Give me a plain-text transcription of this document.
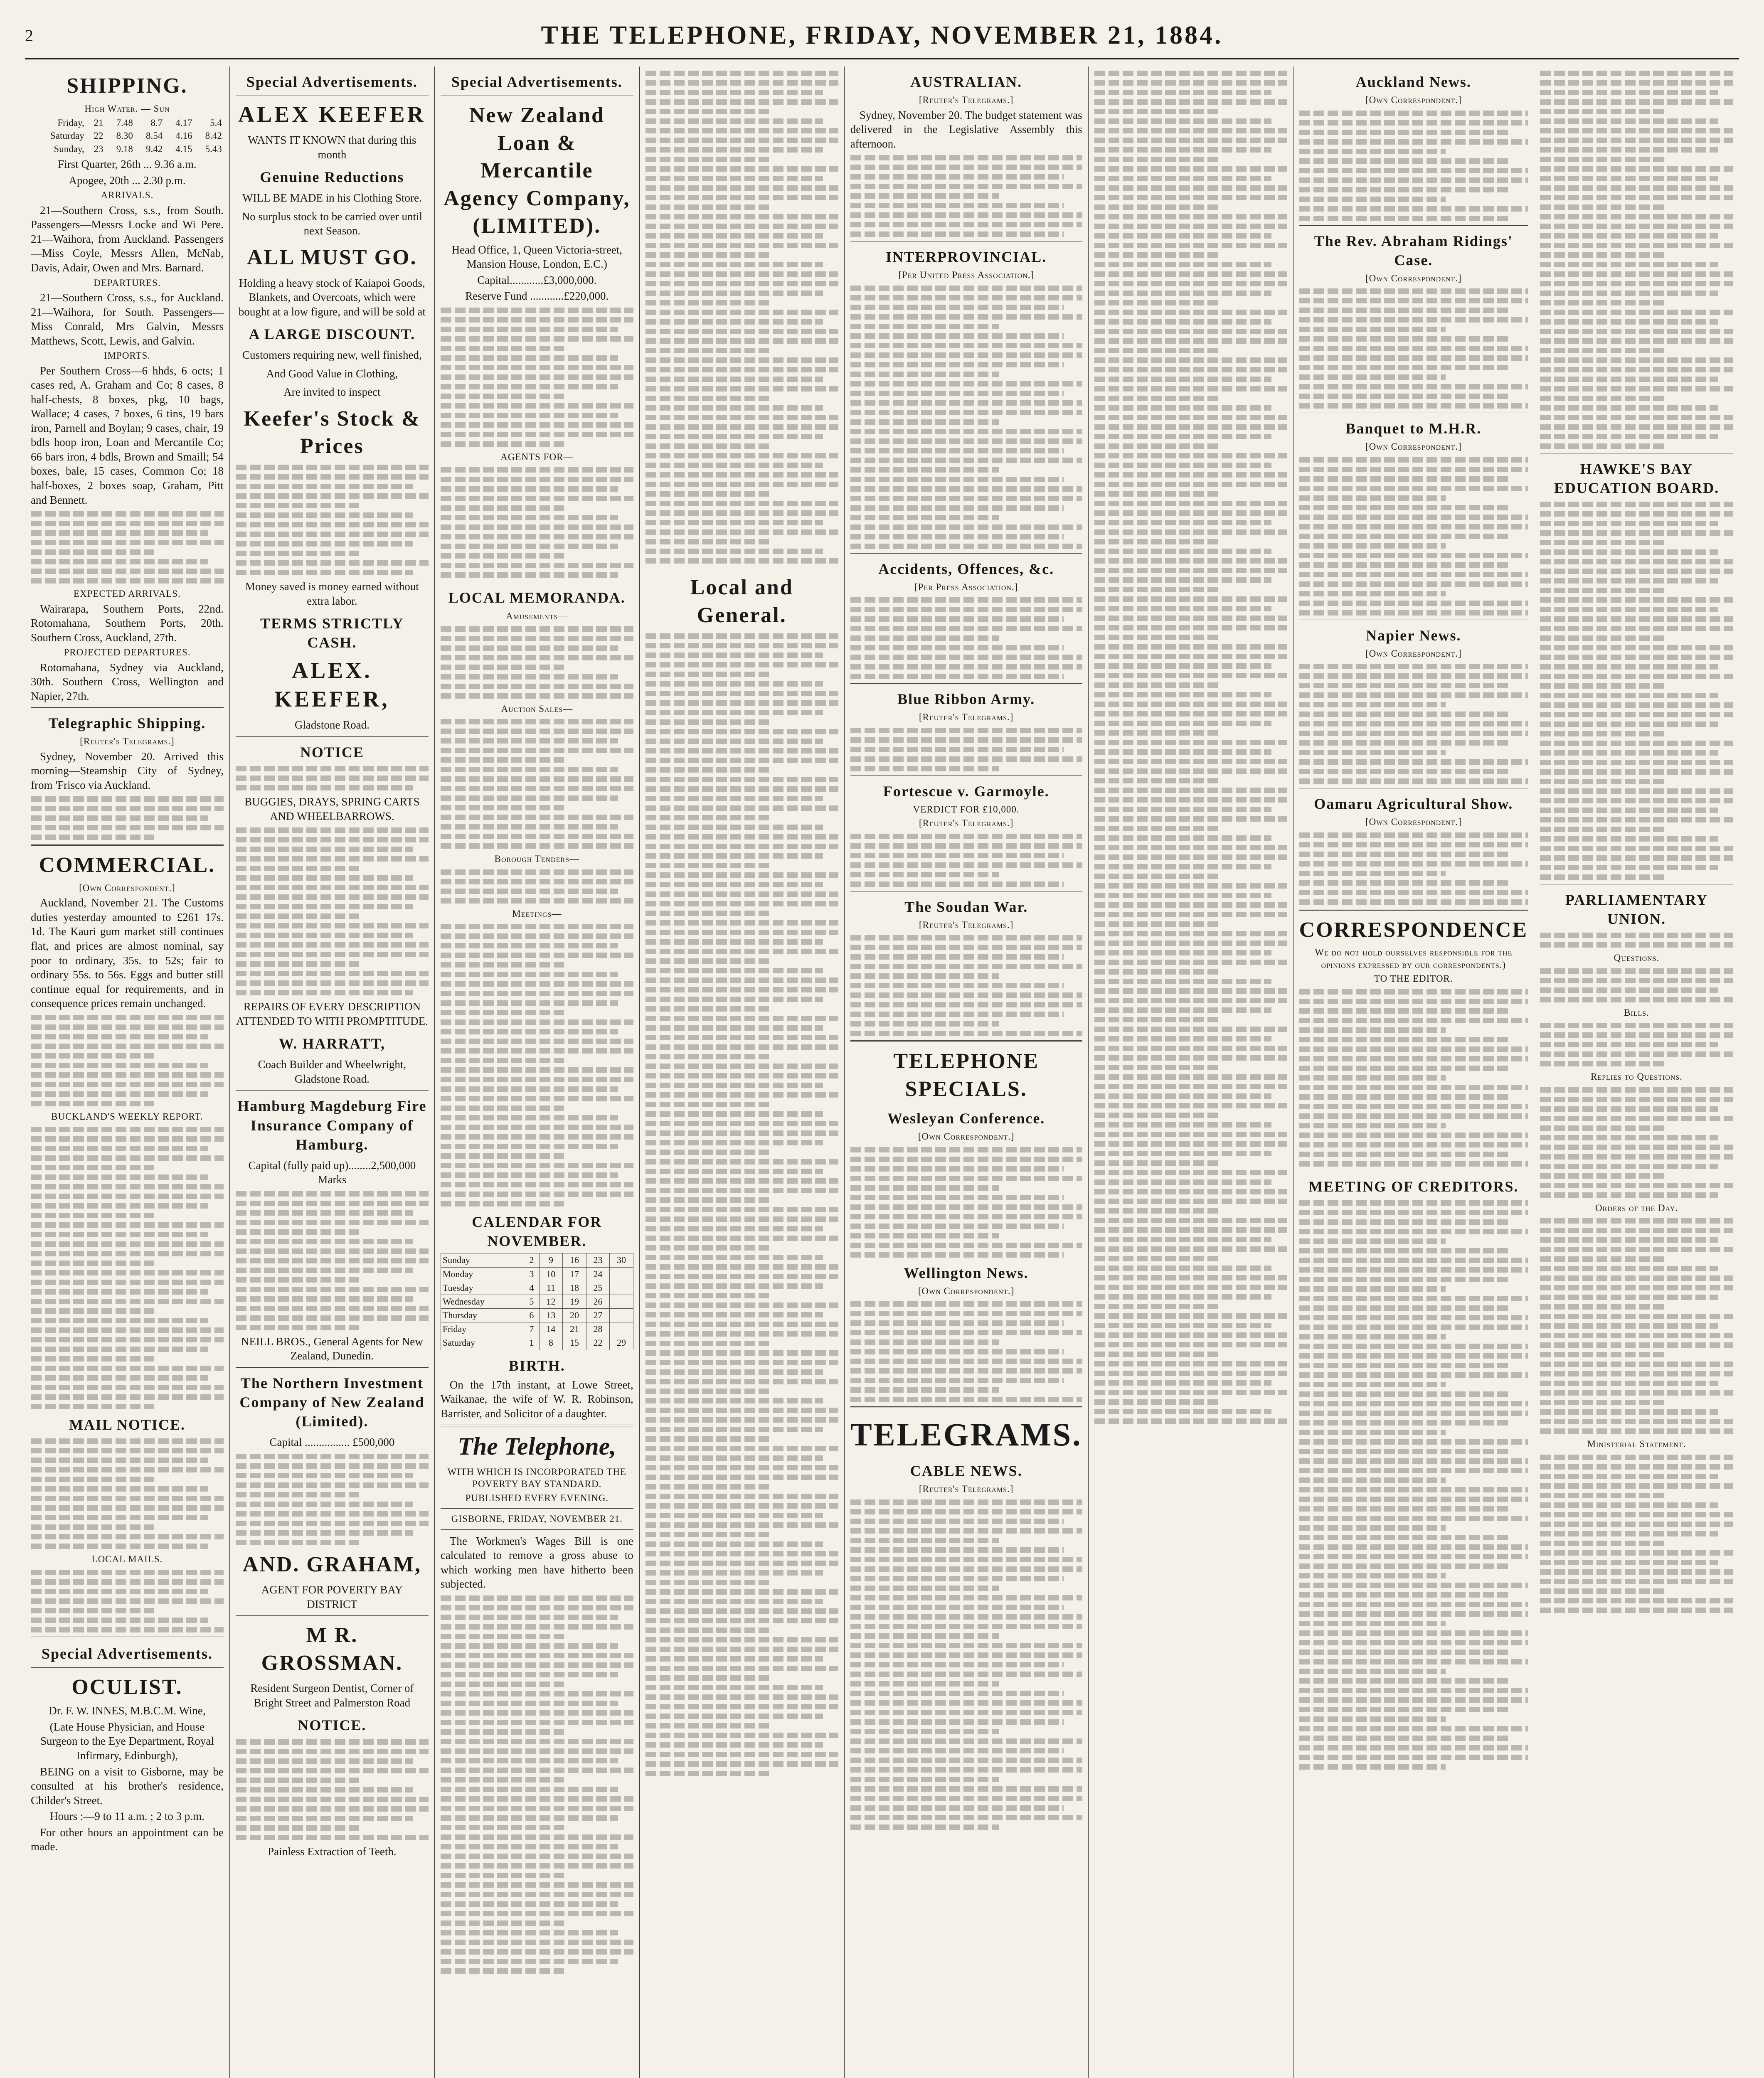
2	THE TELEPHONE, FRIDAY, NOVEMBER 21, 1884.
SHIPPING.
High Water. — Sun
Friday,	21	7.48	8.7	4.17	5.4
Saturday	22	8.30	8.54	4.16	8.42
Sunday,	23	9.18	9.42	4.15	5.43

First Quarter, 26th ... 9.36 a.m.

Apogee, 20th ... 2.30 p.m.

ARRIVALS.

21—Southern Cross, s.s., from South. Passengers—Messrs Locke and Wi Pere. 21—Waihora, from Auckland. Passengers—Miss Coyle, Messrs Allen, McNab, Davis, Adair, Owen and Mrs. Barnard.

DEPARTURES.

21—Southern Cross, s.s., for Auckland. 21—Waihora, for South. Passengers—Miss Conrald, Mrs Galvin, Messrs Matthews, Scott, Lewis, and Galvin.

IMPORTS.

Per Southern Cross—6 hhds, 6 octs; 1 cases red, A. Graham and Co; 8 cases, 8 half-chests, 8 boxes, pkg, 10 bags, Wallace; 4 cases, 7 boxes, 6 tins, 19 bars iron, Parnell and Boylan; 9 cases, chair, 19 bdls hoop iron, Loan and Mercantile Co; 66 bars iron, 4 bdls, Brown and Smaill; 54 boxes, bale, 15 cases, Common Co; 18 half-boxes, 2 boxes soap, Graham, Pitt and Bennett.

EXPECTED ARRIVALS.

Wairarapa, Southern Ports, 22nd. Rotomahana, Southern Ports, 20th. Southern Cross, Auckland, 27th.

PROJECTED DEPARTURES.

Rotomahana, Sydney via Auckland, 30th. Southern Cross, Wellington and Napier, 27th.

Telegraphic Shipping.
[Reuter's Telegrams.]

Sydney, November 20. Arrived this morning—Steamship City of Sydney, from 'Frisco via Auckland.

COMMERCIAL.
[Own Correspondent.]

Auckland, November 21. The Customs duties yesterday amounted to £261 17s. 1d. The Kauri gum market still continues flat, and prices are almost nominal, say poor to ordinary, 35s. to 52s; fair to ordinary 55s. to 56s. Eggs and butter still continue equal for requirements, and in consequence prices remain unchanged.

BUCKLAND'S WEEKLY REPORT.
MAIL NOTICE.
LOCAL MAILS.
Special Advertisements.
OCULIST.

Dr. F. W. INNES, M.B.C.M. Wine,

(Late House Physician, and House Surgeon to the Eye Department, Royal Infirmary, Edinburgh),

BEING on a visit to Gisborne, may be consulted at his brother's residence, Childer's Street.

Hours :—9 to 11 a.m. ; 2 to 3 p.m.

For other hours an appointment can be made.

Special Advertisements.
ALEX KEEFER
WANTS IT KNOWN that during this month
Genuine Reductions
WILL BE MADE in his Clothing Store.
No surplus stock to be carried over until next Season.
ALL MUST GO.
Holding a heavy stock of Kaiapoi Goods, Blankets, and Overcoats, which were bought at a low figure, and will be sold at
A LARGE DISCOUNT.
Customers requiring new, well finished,
And Good Value in Clothing,
Are invited to inspect
Keefer's Stock & Prices
Money saved is money earned without extra labor.
TERMS STRICTLY CASH.
ALEX. KEEFER,
Gladstone Road.
NOTICE
BUGGIES, DRAYS, SPRING CARTS AND WHEELBARROWS.
REPAIRS OF EVERY DESCRIPTION ATTENDED TO WITH PROMPTITUDE.
W. HARRATT,
Coach Builder and Wheelwright, Gladstone Road.
Hamburg Magdeburg Fire Insurance Company of Hamburg.
Capital (fully paid up)........2,500,000 Marks
NEILL BROS., General Agents for New Zealand, Dunedin.
The Northern Investment Company of New Zealand (Limited).
Capital ................ £500,000
AND. GRAHAM,
AGENT FOR POVERTY BAY DISTRICT
M R. GROSSMAN.
Resident Surgeon Dentist, Corner of Bright Street and Palmerston Road
NOTICE.
Painless Extraction of Teeth.
Special Advertisements.
New Zealand Loan & Mercantile Agency Company, (LIMITED).

Head Office, 1, Queen Victoria-street, Mansion House, London, E.C.)

Capital............£3,000,000.

Reserve Fund ............£220,000.

AGENTS FOR—
LOCAL MEMORANDA.
Amusements—
Auction Sales—
Borough Tenders—
Meetings—
CALENDAR FOR NOVEMBER.
Sunday	2	9	16	23	30
Monday	3	10	17	24	
Tuesday	4	11	18	25	
Wednesday	5	12	19	26	
Thursday	6	13	20	27	
Friday	7	14	21	28	
Saturday	1	8	15	22	29
BIRTH.

On the 17th instant, at Lowe Street, Waikanae, the wife of W. R. Robinson, Barrister, and Solicitor of a daughter.

The Telephone,
WITH WHICH IS INCORPORATED THE POVERTY BAY STANDARD.
PUBLISHED EVERY EVENING.
GISBORNE, FRIDAY, NOVEMBER 21.

The Workmen's Wages Bill is one calculated to remove a gross abuse to which working men have hitherto been subjected.

Local and General.
AUSTRALIAN.
[Reuter's Telegrams.]

Sydney, November 20. The budget statement was delivered in the Legislative Assembly this afternoon.

INTERPROVINCIAL.
[Per United Press Association.]
Accidents, Offences, &c.
[Per Press Association.]
Blue Ribbon Army.
[Reuter's Telegrams.]
Fortescue v. Garmoyle.
VERDICT FOR £10,000.
[Reuter's Telegrams.]
The Soudan War.
[Reuter's Telegrams.]
TELEPHONE SPECIALS.
Wesleyan Conference.
[Own Correspondent.]
Wellington News.
[Own Correspondent.]
TELEGRAMS.
CABLE NEWS.
[Reuter's Telegrams.]
Auckland News.
[Own Correspondent.]
The Rev. Abraham Ridings' Case.
[Own Correspondent.]
Banquet to M.H.R.
[Own Correspondent.]
Napier News.
[Own Correspondent.]
Oamaru Agricultural Show.
[Own Correspondent.]
CORRESPONDENCE
We do not hold ourselves responsible for the opinions expressed by our correspondents.)
TO THE EDITOR.
MEETING OF CREDITORS.
HAWKE'S BAY EDUCATION BOARD.
PARLIAMENTARY UNION.
Questions.
Bills.
Replies to Questions.
Orders of the Day.
Ministerial Statement.
